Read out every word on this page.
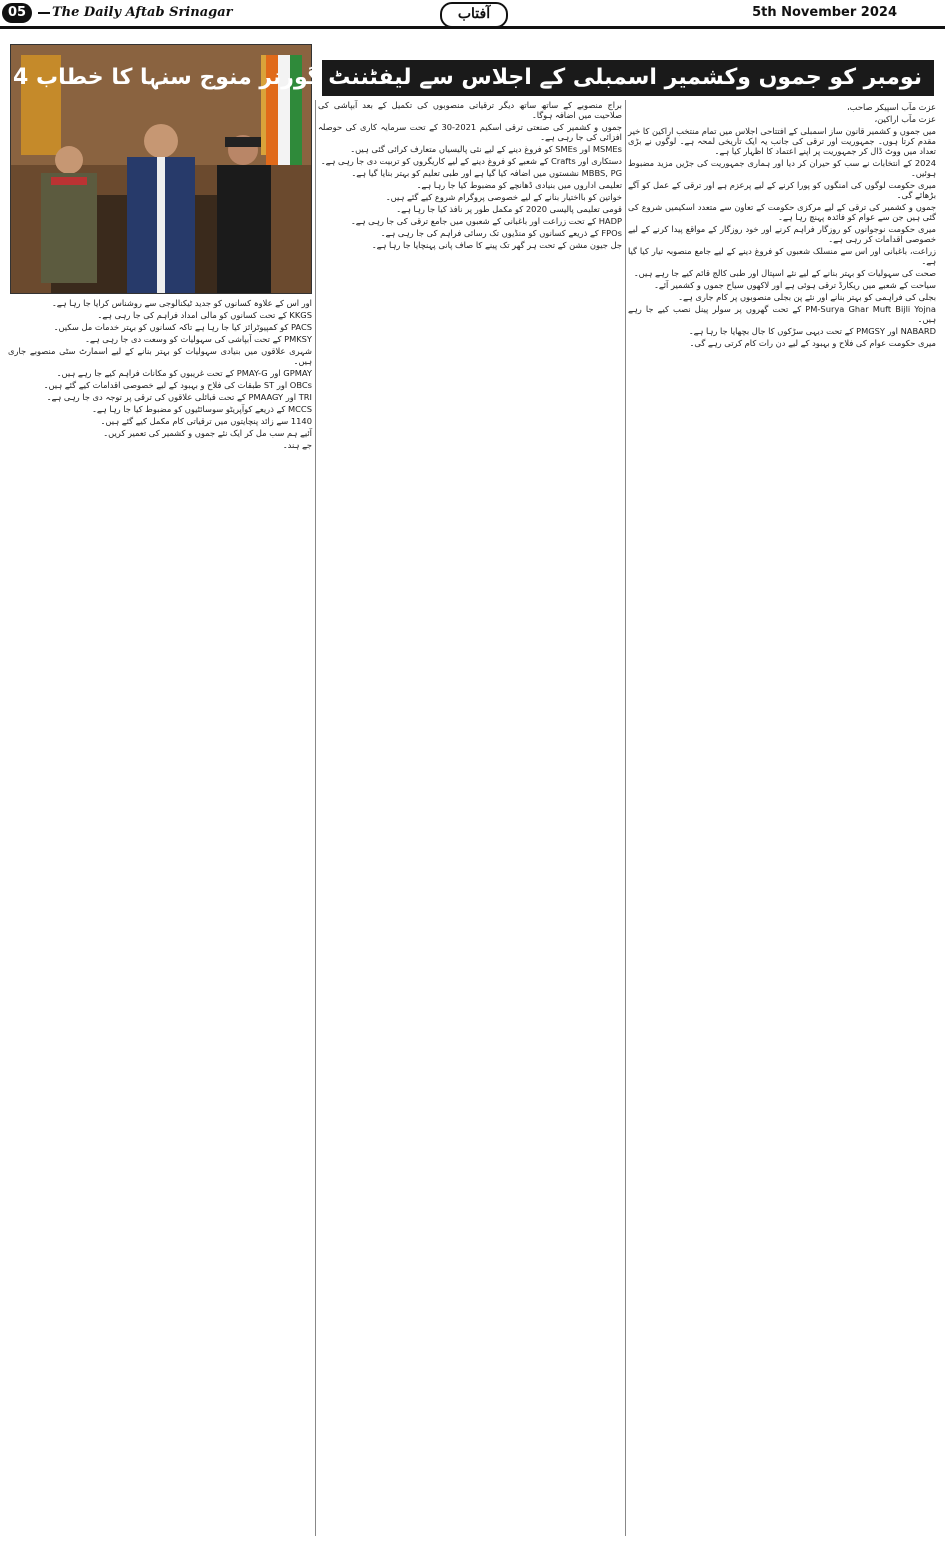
05	The Daily Aftab Srinagar	آفتاب	5th November 2024
نومبر کو جموں وکشمیر اسمبلی کے اجلاس سے لیفٹننٹ گورنر منوج سنہا کا خطاب 4

عزت مآب اسپیکر صاحب،

عزت مآب اراکین،

میں جموں و کشمیر قانون ساز اسمبلی کے افتتاحی اجلاس میں تمام منتخب اراکین کا خیر مقدم کرتا ہوں۔ جمہوریت اور ترقی کی جانب یہ ایک تاریخی لمحہ ہے۔ لوگوں نے بڑی تعداد میں ووٹ ڈال کر جمہوریت پر اپنے اعتماد کا اظہار کیا ہے۔

2024 کے انتخابات نے سب کو حیران کر دیا اور ہماری جمہوریت کی جڑیں مزید مضبوط ہوئیں۔

میری حکومت لوگوں کی امنگوں کو پورا کرنے کے لیے پرعزم ہے اور ترقی کے عمل کو آگے بڑھائے گی۔

جموں و کشمیر کی ترقی کے لیے مرکزی حکومت کے تعاون سے متعدد اسکیمیں شروع کی گئی ہیں جن سے عوام کو فائدہ پہنچ رہا ہے۔

میری حکومت نوجوانوں کو روزگار فراہم کرنے اور خود روزگار کے مواقع پیدا کرنے کے لیے خصوصی اقدامات کر رہی ہے۔

زراعت، باغبانی اور اس سے منسلک شعبوں کو فروغ دینے کے لیے جامع منصوبہ تیار کیا گیا ہے۔

صحت کی سہولیات کو بہتر بنانے کے لیے نئے اسپتال اور طبی کالج قائم کیے جا رہے ہیں۔

سیاحت کے شعبے میں ریکارڈ ترقی ہوئی ہے اور لاکھوں سیاح جموں و کشمیر آئے۔

بجلی کی فراہمی کو بہتر بنانے اور نئے پن بجلی منصوبوں پر کام جاری ہے۔

PM-Surya Ghar Muft Bijli Yojna کے تحت گھروں پر سولر پینل نصب کیے جا رہے ہیں۔

NABARD اور PMGSY کے تحت دیہی سڑکوں کا جال بچھایا جا رہا ہے۔

میری حکومت عوام کی فلاح و بہبود کے لیے دن رات کام کرتی رہے گی۔

براج منصوبے کے ساتھ ساتھ دیگر ترقیاتی منصوبوں کی تکمیل کے بعد آبپاشی کی صلاحیت میں اضافہ ہوگا۔

جموں و کشمیر کی صنعتی ترقی اسکیم 2021-30 کے تحت سرمایہ کاری کی حوصلہ افزائی کی جا رہی ہے۔

MSMEs اور SMEs کو فروغ دینے کے لیے نئی پالیسیاں متعارف کرائی گئی ہیں۔

دستکاری اور Crafts کے شعبے کو فروغ دینے کے لیے کاریگروں کو تربیت دی جا رہی ہے۔

MBBS, PG نشستوں میں اضافہ کیا گیا ہے اور طبی تعلیم کو بہتر بنایا گیا ہے۔

تعلیمی اداروں میں بنیادی ڈھانچے کو مضبوط کیا جا رہا ہے۔

خواتین کو بااختیار بنانے کے لیے خصوصی پروگرام شروع کیے گئے ہیں۔

قومی تعلیمی پالیسی 2020 کو مکمل طور پر نافذ کیا جا رہا ہے۔

HADP کے تحت زراعت اور باغبانی کے شعبوں میں جامع ترقی کی جا رہی ہے۔

FPOs کے ذریعے کسانوں کو منڈیوں تک رسائی فراہم کی جا رہی ہے۔

جل جیون مشن کے تحت ہر گھر تک پینے کا صاف پانی پہنچایا جا رہا ہے۔

اور اس کے علاوہ کسانوں کو جدید ٹیکنالوجی سے روشناس کرایا جا رہا ہے۔

KKGS کے تحت کسانوں کو مالی امداد فراہم کی جا رہی ہے۔

PACS کو کمپیوٹرائز کیا جا رہا ہے تاکہ کسانوں کو بہتر خدمات مل سکیں۔

PMKSY کے تحت آبپاشی کی سہولیات کو وسعت دی جا رہی ہے۔

شہری علاقوں میں بنیادی سہولیات کو بہتر بنانے کے لیے اسمارٹ سٹی منصوبے جاری ہیں۔

GPMAY اور PMAY-G کے تحت غریبوں کو مکانات فراہم کیے جا رہے ہیں۔

OBCs اور ST طبقات کی فلاح و بہبود کے لیے خصوصی اقدامات کیے گئے ہیں۔

TRI اور PMAAGY کے تحت قبائلی علاقوں کی ترقی پر توجہ دی جا رہی ہے۔

MCCS کے ذریعے کوآپریٹو سوسائٹیوں کو مضبوط کیا جا رہا ہے۔

1140 سے زائد پنچایتوں میں ترقیاتی کام مکمل کیے گئے ہیں۔

آئیے ہم سب مل کر ایک نئے جموں و کشمیر کی تعمیر کریں۔

جے ہند۔
